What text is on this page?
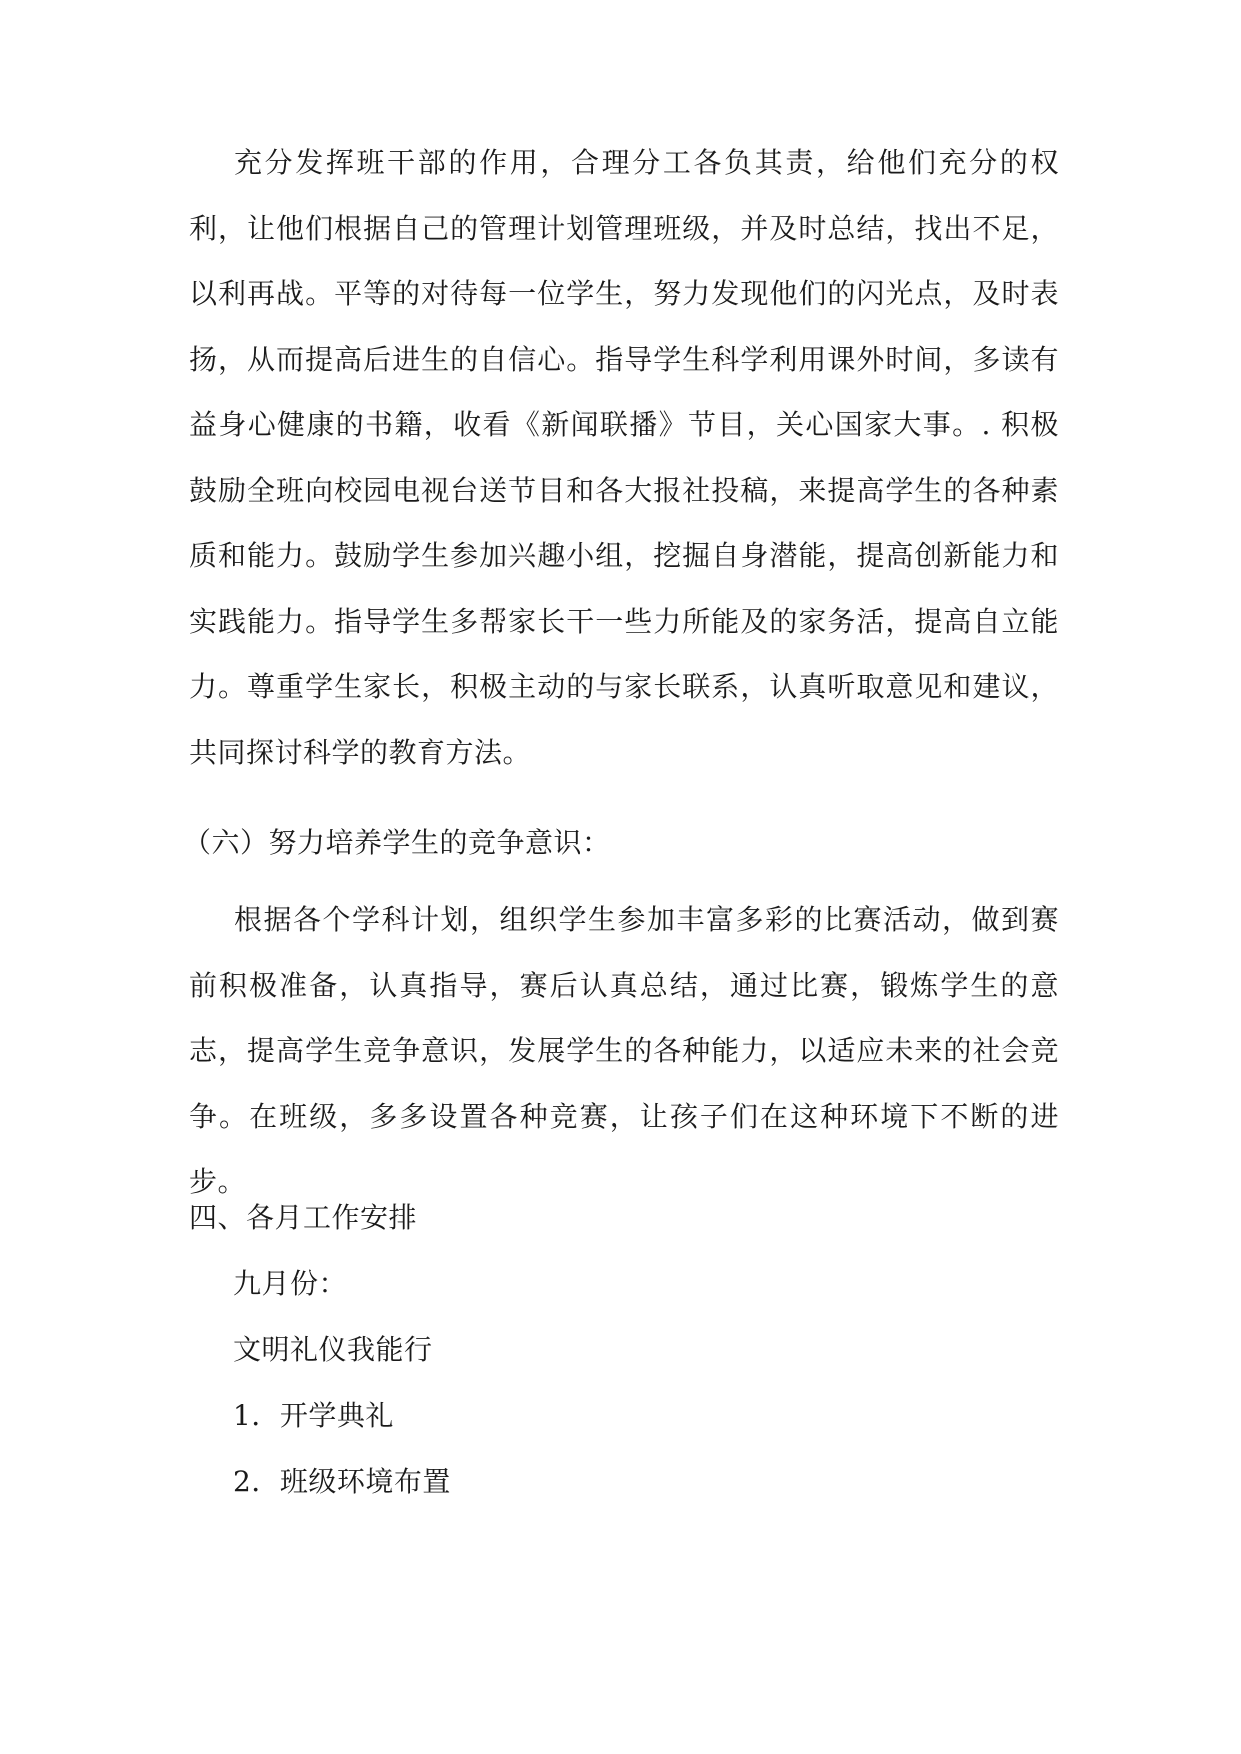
充分发挥班干部的作用，合理分工各负其责，给他们充分的权利，让他们根据自己的管理计划管理班级，并及时总结，找出不足，以利再战。平等的对待每一位学生，努力发现他们的闪光点，及时表扬，从而提高后进生的自信心。指导学生科学利用课外时间，多读有益身心健康的书籍，收看《新闻联播》节目，关心国家大事。. 积极鼓励全班向校园电视台送节目和各大报社投稿，来提高学生的各种素质和能力。鼓励学生参加兴趣小组，挖掘自身潜能，提高创新能力和实践能力。指导学生多帮家长干一些力所能及的家务活，提高自立能力。尊重学生家长，积极主动的与家长联系，认真听取意见和建议，共同探讨科学的教育方法。

（六）努力培养学生的竞争意识：

根据各个学科计划，组织学生参加丰富多彩的比赛活动，做到赛前积极准备，认真指导，赛后认真总结，通过比赛，锻炼学生的意志，提高学生竞争意识，发展学生的各种能力，以适应未来的社会竞争。在班级，多多设置各种竞赛，让孩子们在这种环境下不断的进步。

四、各月工作安排

九月份：

文明礼仪我能行

1．开学典礼

2．班级环境布置
